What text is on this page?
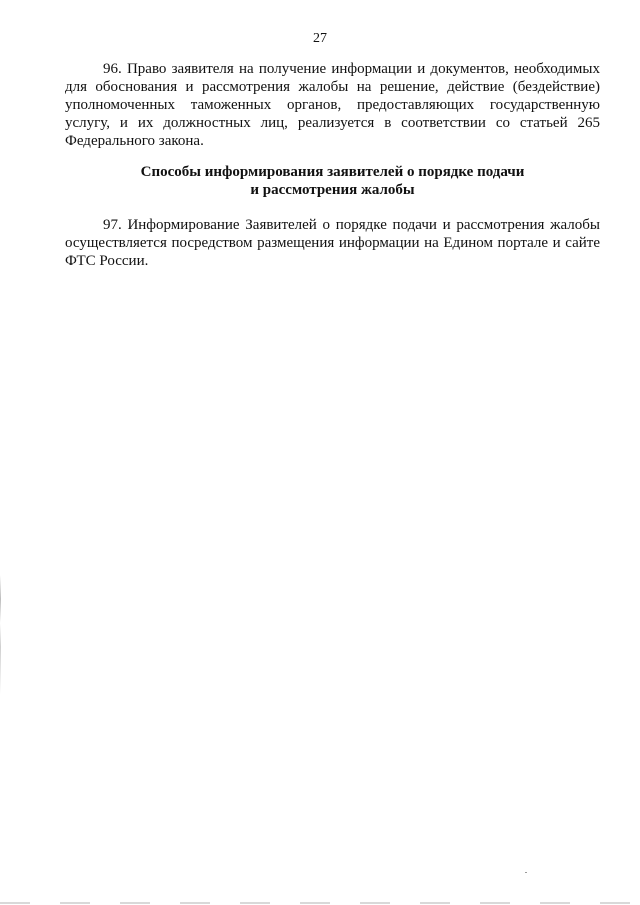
27

96. Право заявителя на получение информации и документов, необходимых для обоснования и рассмотрения жалобы на решение, действие (бездействие) уполномоченных таможенных органов, предоставляющих государственную услугу, и их должностных лиц, реализуется в соответствии со статьей 265 Федерального закона.

Способы информирования заявителей о порядке подачи
и рассмотрения жалобы

97. Информирование Заявителей о порядке подачи и рассмотрения жалобы осуществляется посредством размещения информации на Едином портале и сайте ФТС России.
